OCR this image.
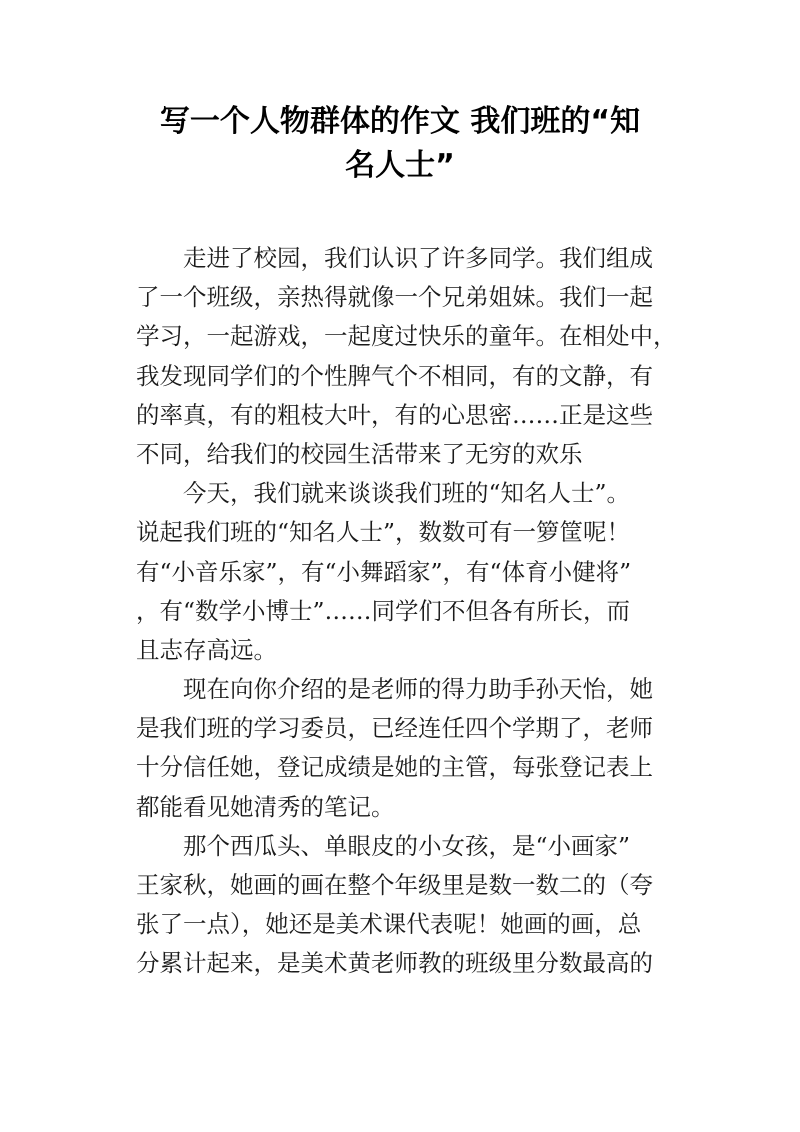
写一个人物群体的作文 我们班的“知
名人士”
走进了校园，我们认识了许多同学。我们组成
了一个班级，亲热得就像一个兄弟姐妹。我们一起
学习，一起游戏，一起度过快乐的童年。在相处中，
我发现同学们的个性脾气个不相同，有的文静，有
的率真，有的粗枝大叶，有的心思密……正是这些
不同，给我们的校园生活带来了无穷的欢乐
今天，我们就来谈谈我们班的“知名人士”。
说起我们班的“知名人士”，数数可有一箩筐呢！
有“小音乐家”，有“小舞蹈家”，有“体育小健将”
，有“数学小博士”……同学们不但各有所长，而
且志存高远。
现在向你介绍的是老师的得力助手孙天怡，她
是我们班的学习委员，已经连任四个学期了，老师
十分信任她，登记成绩是她的主管，每张登记表上
都能看见她清秀的笔记。
那个西瓜头、单眼皮的小女孩，是“小画家”
王家秋，她画的画在整个年级里是数一数二的（夸
张了一点），她还是美术课代表呢！她画的画，总
分累计起来，是美术黄老师教的班级里分数最高的
